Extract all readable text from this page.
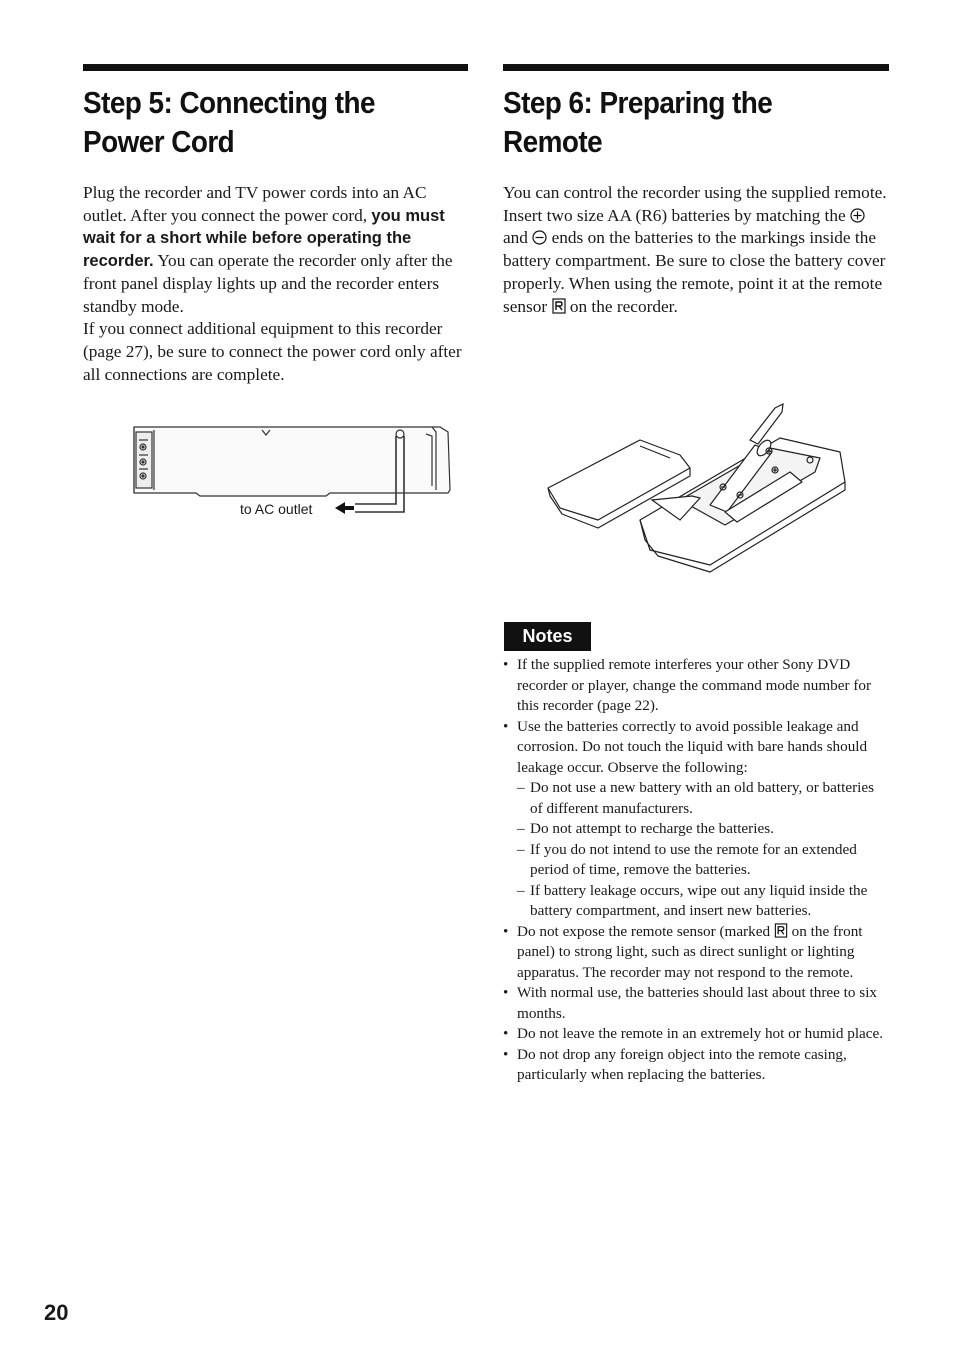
Step 5: Connecting the
Power Cord

Plug the recorder and TV power cords into an AC outlet. After you connect the power cord, you must wait for a short while before operating the recorder. You can operate the recorder only after the front panel display lights up and the recorder enters standby mode.

If you connect additional equipment to this recorder (page 27), be sure to connect the power cord only after all connections are complete.

to AC outlet
Step 6: Preparing the
Remote

You can control the recorder using the supplied remote.

Insert two size AA (R6) batteries by matching the  and ends on the batteries to the markings inside the battery compartment. Be sure to close the battery cover properly. When using the remote, point it at the remote sensor on the recorder.

Notes
• If the supplied remote interferes your other Sony DVD recorder or player, change the command mode number for this recorder (page 22).
• Use the batteries correctly to avoid possible leakage and corrosion. Do not touch the liquid with bare hands should leakage occur. Observe the following:
– Do not use a new battery with an old battery, or batteries of different manufacturers.
– Do not attempt to recharge the batteries.
– If you do not intend to use the remote for an extended period of time, remove the batteries.
– If battery leakage occurs, wipe out any liquid inside the battery compartment, and insert new batteries.
• Do not expose the remote sensor (marked on the front panel) to strong light, such as direct sunlight or lighting apparatus. The recorder may not respond to the remote.
• With normal use, the batteries should last about three to six months.
• Do not leave the remote in an extremely hot or humid place.
• Do not drop any foreign object into the remote casing, particularly when replacing the batteries.
20
